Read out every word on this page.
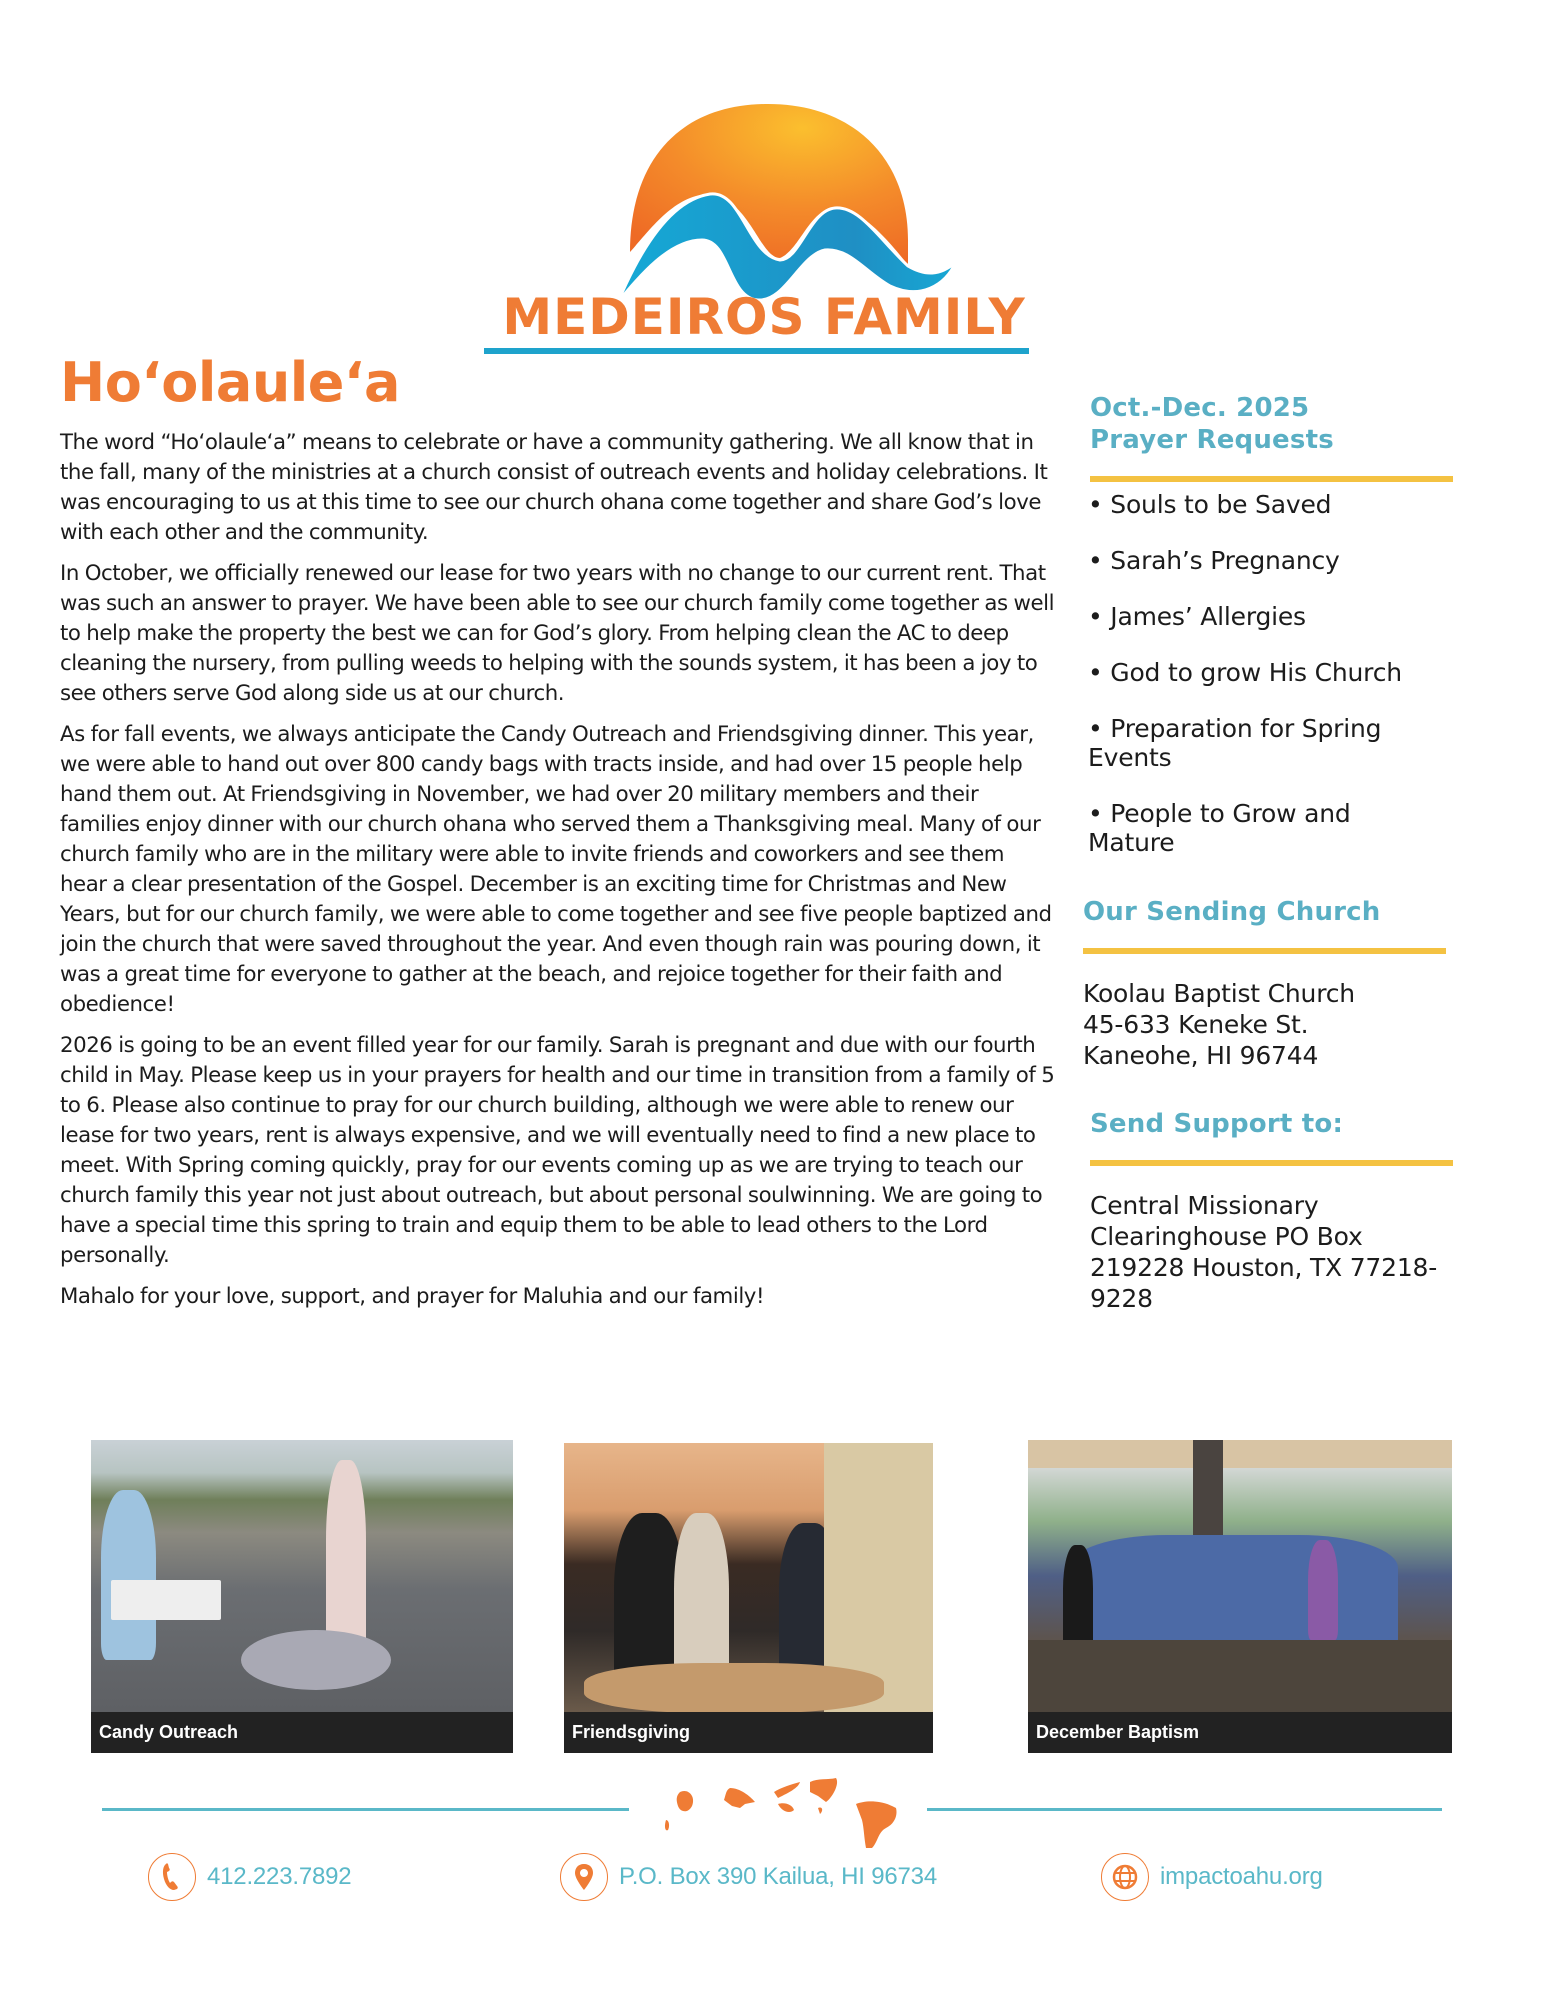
MEDEIROS FAMILY
Hoʻolauleʻa

The word “Hoʻolauleʻa” means to celebrate or have a community gathering. We all know that in the fall, many of the ministries at a church consist of outreach events and holiday celebrations. It was encouraging to us at this time to see our church ohana come together and share God’s love with each other and the community.

In October, we officially renewed our lease for two years with no change to our current rent. That was such an answer to prayer. We have been able to see our church family come together as well to help make the property the best we can for God’s glory. From helping clean the AC to deep cleaning the nursery, from pulling weeds to helping with the sounds system, it has been a joy to see others serve God along side us at our church.

As for fall events, we always anticipate the Candy Outreach and Friendsgiving dinner. This year, we were able to hand out over 800 candy bags with tracts inside, and had over 15 people help hand them out. At Friendsgiving in November, we had over 20 military members and their families enjoy dinner with our church ohana who served them a Thanksgiving meal. Many of our church family who are in the military were able to invite friends and coworkers and see them hear a clear presentation of the Gospel. December is an exciting time for Christmas and New Years, but for our church family, we were able to come together and see five people baptized and join the church that were saved throughout the year. And even though rain was pouring down, it was a great time for everyone to gather at the beach, and rejoice together for their faith and obedience!

2026 is going to be an event filled year for our family. Sarah is pregnant and due with our fourth child in May. Please keep us in your prayers for health and our time in transition from a family of 5 to 6. Please also continue to pray for our church building, although we were able to renew our lease for two years, rent is always expensive, and we will eventually need to find a new place to meet. With Spring coming quickly, pray for our events coming up as we are trying to teach our church family this year not just about outreach, but about personal soulwinning. We are going to have a special time this spring to train and equip them to be able to lead others to the Lord personally.

Mahalo for your love, support, and prayer for Maluhia and our family!

Oct.-Dec. 2025
Prayer Requests
• Souls to be Saved
• Sarah’s Pregnancy
• James’ Allergies
• God to grow His Church
• Preparation for Spring Events
• People to Grow and Mature
Our Sending Church
Koolau Baptist Church
45-633 Keneke St.
Kaneohe, HI 96744
Send Support to:
Central Missionary
Clearinghouse PO Box
219228 Houston, TX 77218-
9228
Candy Outreach	Friendsgiving	December Baptism
412.223.7892	P.O. Box 390 Kailua, HI 96734	impactoahu.org
